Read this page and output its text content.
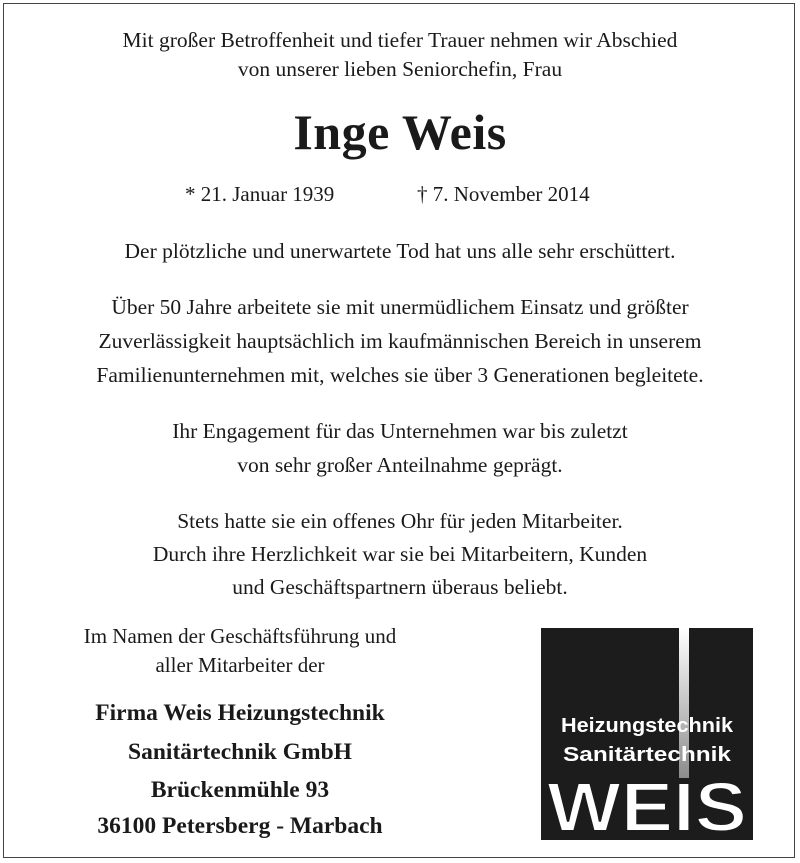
Mit großer Betroffenheit und tiefer Trauer nehmen wir Abschied
von unserer lieben Seniorchefin, Frau
Inge Weis
* 21. Januar 1939	† 7. November 2014
Der plötzliche und unerwartete Tod hat uns alle sehr erschüttert.
Über 50 Jahre arbeitete sie mit unermüdlichem Einsatz und größter
Zuverlässigkeit hauptsächlich im kaufmännischen Bereich in unserem
Familienunternehmen mit, welches sie über 3 Generationen begleitete.
Ihr Engagement für das Unternehmen war bis zuletzt
von sehr großer Anteilnahme geprägt.
Stets hatte sie ein offenes Ohr für jeden Mitarbeiter.
Durch ihre Herzlichkeit war sie bei Mitarbeitern, Kunden
und Geschäftspartnern überaus beliebt.
Im Namen der Geschäftsführung und
aller Mitarbeiter der
Firma Weis Heizungstechnik
Sanitärtechnik GmbH
Brückenmühle 93
36100 Petersberg - Marbach
Heizungstechnik
Sanitärtechnik
WEIS
